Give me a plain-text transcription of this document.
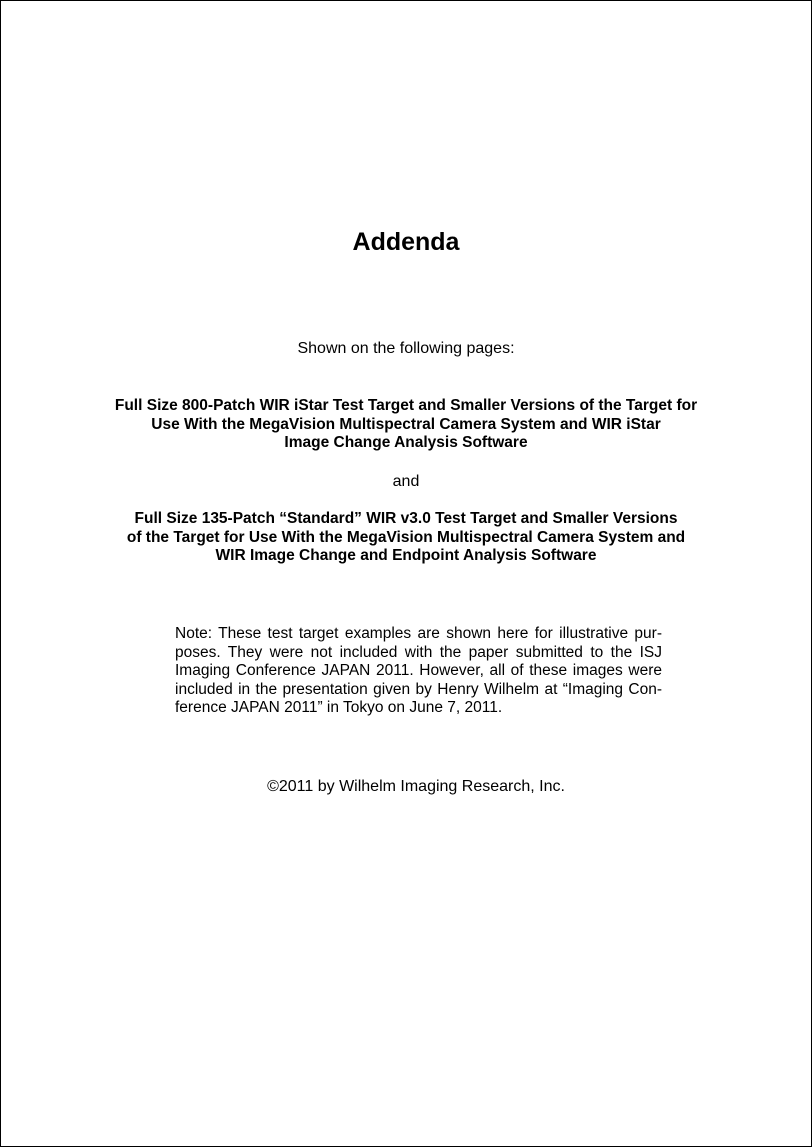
Addenda
Shown on the following pages:
Full Size 800-Patch WIR iStar Test Target and Smaller Versions of the Target for
Use With the MegaVision Multispectral Camera System and WIR iStar
Image Change Analysis Software
and
Full Size 135-Patch “Standard” WIR v3.0 Test Target and Smaller Versions
of the Target for Use With the MegaVision Multispectral Camera System and
WIR Image Change and Endpoint Analysis Software
Note: These test target examples are shown here for illustrative pur-
poses. They were not included with the paper submitted to the ISJ
Imaging Conference JAPAN 2011. However, all of these images were
included in the presentation given by Henry Wilhelm at “Imaging Con-
ference JAPAN 2011” in Tokyo on June 7, 2011.
©2011 by Wilhelm Imaging Research, Inc.
